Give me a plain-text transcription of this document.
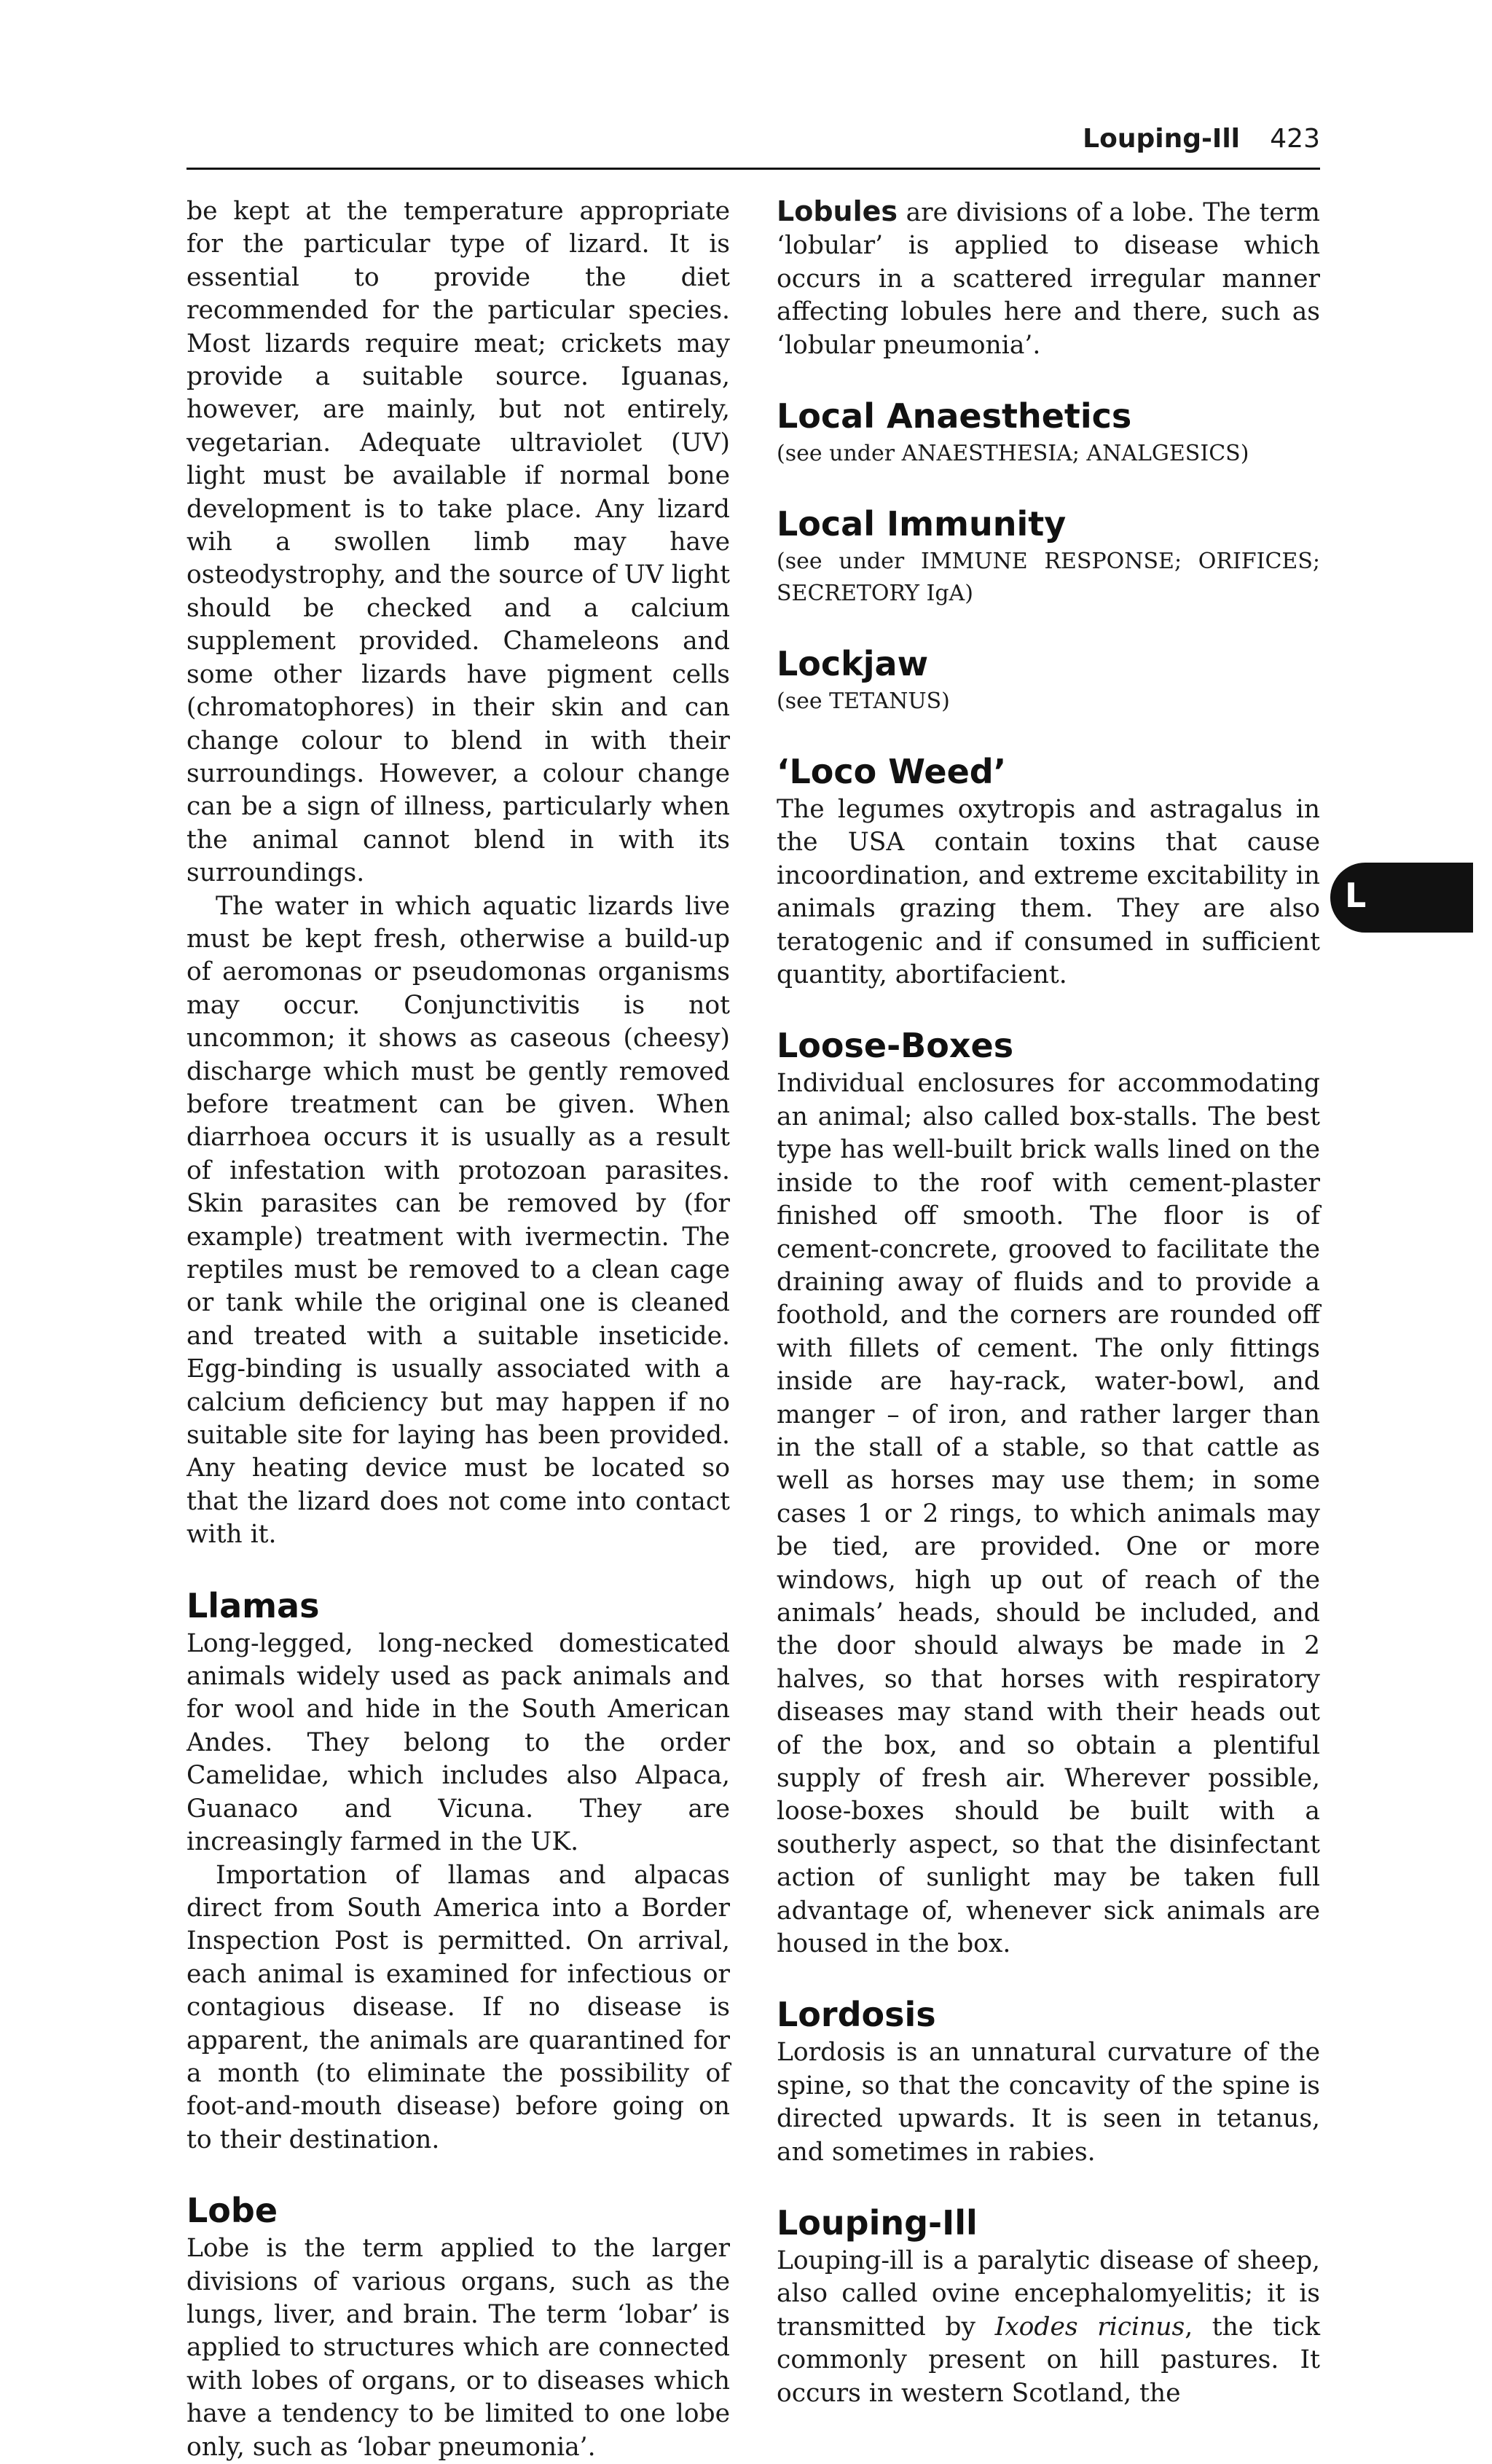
Louping-Ill 423
L

be kept at the temperature appropriate for the particular type of lizard. It is essential to provide the diet recommended for the particular species. Most lizards require meat; crickets may provide a suitable source. Iguanas, however, are mainly, but not entirely, vegetarian. Adequate ultraviolet (UV) light must be available if normal bone development is to take place. Any lizard wih a swollen limb may have osteodystrophy, and the source of UV light should be checked and a calcium supplement provided. Chameleons and some other lizards have pigment cells (chromatophores) in their skin and can change colour to blend in with their surroundings. However, a colour change can be a sign of illness, particularly when the animal cannot blend in with its surroundings.

The water in which aquatic lizards live must be kept fresh, otherwise a build-up of aeromonas or pseudomonas organisms may occur. Conjunctivitis is not uncommon; it shows as caseous (cheesy) discharge which must be gently removed before treatment can be given. When diarrhoea occurs it is usually as a result of infestation with protozoan parasites. Skin parasites can be removed by (for example) treatment with ivermectin. The reptiles must be removed to a clean cage or tank while the original one is cleaned and treated with a suitable inseticide. Egg-binding is usually associated with a calcium deficiency but may happen if no suitable site for laying has been provided. Any heating device must be located so that the lizard does not come into contact with it.

Llamas

Long-legged, long-necked domesticated animals widely used as pack animals and for wool and hide in the South American Andes. They belong to the order Camelidae, which includes also Alpaca, Guanaco and Vicuna. They are increasingly farmed in the UK.

Importation of llamas and alpacas direct from South America into a Border Inspection Post is permitted. On arrival, each animal is examined for infectious or contagious disease. If no disease is apparent, the animals are quarantined for a month (to eliminate the possibility of foot-and-mouth disease) before going on to their destination.

Lobe

Lobe is the term applied to the larger divisions of various organs, such as the lungs, liver, and brain. The term ‘lobar’ is applied to structures which are connected with lobes of organs, or to diseases which have a tendency to be limited to one lobe only, such as ‘lobar pneumonia’.

Lobules are divisions of a lobe. The term ‘lobular’ is applied to disease which occurs in a scattered irregular manner affecting lobules here and there, such as ‘lobular pneumonia’.

Local Anaesthetics

(see under ANAESTHESIA; ANALGESICS)

Local Immunity

(see under IMMUNE RESPONSE; ORIFICES; SECRETORY IgA)

Lockjaw

(see TETANUS)

‘Loco Weed’

The legumes oxytropis and astragalus in the USA contain toxins that cause incoordination, and extreme excitability in animals grazing them. They are also teratogenic and if consumed in sufficient quantity, abortifacient.

Loose-Boxes

Individual enclosures for accommodating an animal; also called box-stalls. The best type has well-built brick walls lined on the inside to the roof with cement-plaster finished off smooth. The floor is of cement-concrete, grooved to facilitate the draining away of fluids and to provide a foothold, and the corners are rounded off with fillets of cement. The only fittings inside are hay-rack, water-bowl, and manger – of iron, and rather larger than in the stall of a stable, so that cattle as well as horses may use them; in some cases 1 or 2 rings, to which animals may be tied, are provided. One or more windows, high up out of reach of the animals’ heads, should be included, and the door should always be made in 2 halves, so that horses with respiratory diseases may stand with their heads out of the box, and so obtain a plentiful supply of fresh air. Wherever possible, loose-boxes should be built with a southerly aspect, so that the disinfectant action of sunlight may be taken full advantage of, whenever sick animals are housed in the box.

Lordosis

Lordosis is an unnatural curvature of the spine, so that the concavity of the spine is directed upwards. It is seen in tetanus, and sometimes in rabies.

Louping-Ill

Louping-ill is a paralytic disease of sheep, also called ovine encephalomyelitis; it is transmitted by Ixodes ricinus, the tick commonly present on hill pastures. It occurs in western Scotland, the
